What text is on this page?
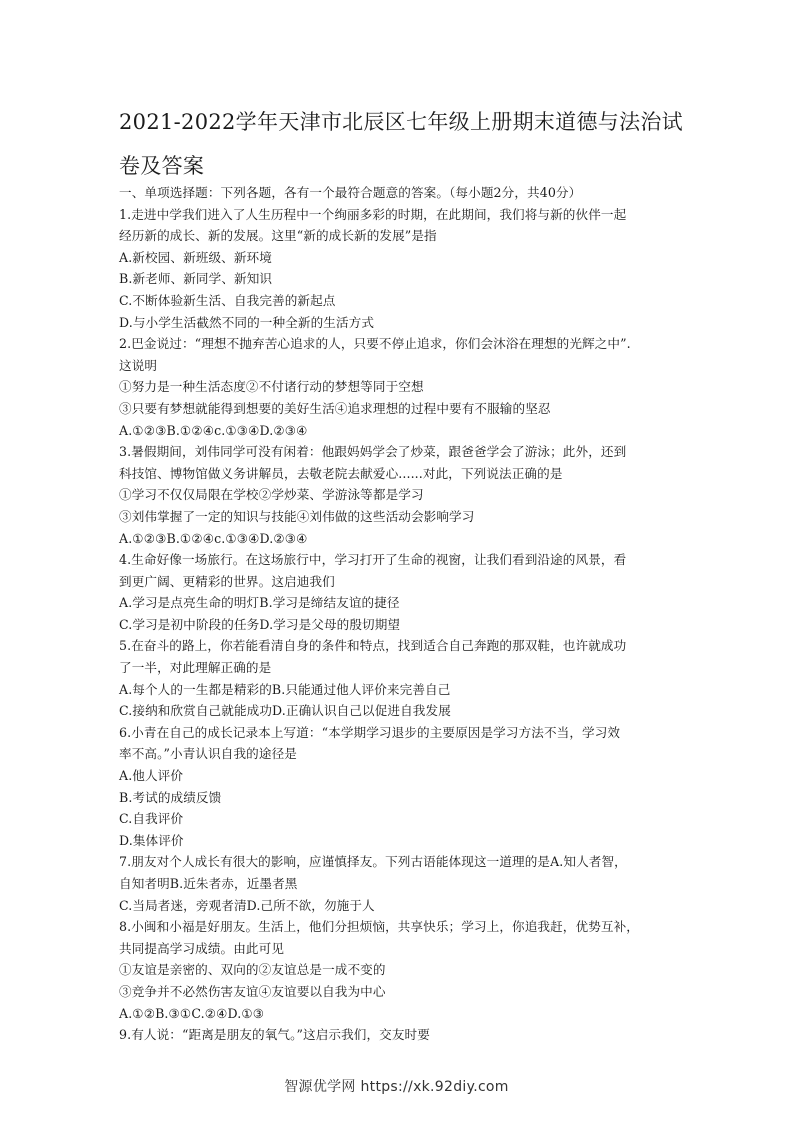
2021-2022学年天津市北辰区七年级上册期末道德与法治试
卷及答案
一、单项选择题：下列各题，各有一个最符合题意的答案。（每小题2分，共40分）
1.走进中学我们进入了人生历程中一个绚丽多彩的时期，在此期间，我们将与新的伙伴一起
经历新的成长、新的发展。这里“新的成长新的发展”是指
A.新校园、新班级、新环境
B.新老师、新同学、新知识
C.不断体验新生活、自我完善的新起点
D.与小学生活截然不同的一种全新的生活方式
2.巴金说过：“理想不抛弃苦心追求的人，只要不停止追求，你们会沐浴在理想的光辉之中”.
这说明
①努力是一种生活态度②不付诸行动的梦想等同于空想
③只要有梦想就能得到想要的美好生活④追求理想的过程中要有不服输的坚忍
A.①②③B.①②④c.①③④D.②③④
3.暑假期间，刘伟同学可没有闲着：他跟妈妈学会了炒菜，跟爸爸学会了游泳；此外，还到
科技馆、博物馆做义务讲解员，去敬老院去献爱心......对此，下列说法正确的是
①学习不仅仅局限在学校②学炒菜、学游泳等都是学习
③刘伟掌握了一定的知识与技能④刘伟做的这些活动会影响学习
A.①②③B.①②④c.①③④D.②③④
4.生命好像一场旅行。在这场旅行中，学习打开了生命的视窗，让我们看到沿途的风景，看
到更广阔、更精彩的世界。这启迪我们
A.学习是点亮生命的明灯B.学习是缔结友谊的捷径
C.学习是初中阶段的任务D.学习是父母的殷切期望
5.在奋斗的路上，你若能看清自身的条件和特点，找到适合自己奔跑的那双鞋，也许就成功
了一半，对此理解正确的是
A.每个人的一生都是精彩的B.只能通过他人评价来完善自己
C.接纳和欣赏自己就能成功D.正确认识自己以促进自我发展
6.小青在自己的成长记录本上写道：“本学期学习退步的主要原因是学习方法不当，学习效
率不高。”小青认识自我的途径是
A.他人评价
B.考试的成绩反馈
C.自我评价
D.集体评价
7.朋友对个人成长有很大的影响，应谨慎择友。下列古语能体现这一道理的是A.知人者智，
自知者明B.近朱者赤，近墨者黑
C.当局者迷，旁观者清D.己所不欲，勿施于人
8.小闽和小福是好朋友。生活上，他们分担烦恼，共享快乐；学习上，你追我赶，优势互补，
共同提高学习成绩。由此可见
①友谊是亲密的、双向的②友谊总是一成不变的
③竞争并不必然伤害友谊④友谊要以自我为中心
A.①②B.③①C.②④D.①③
9.有人说：“距离是朋友的氧气。”这启示我们，交友时要
智源优学网 https://xk.92diy.com
